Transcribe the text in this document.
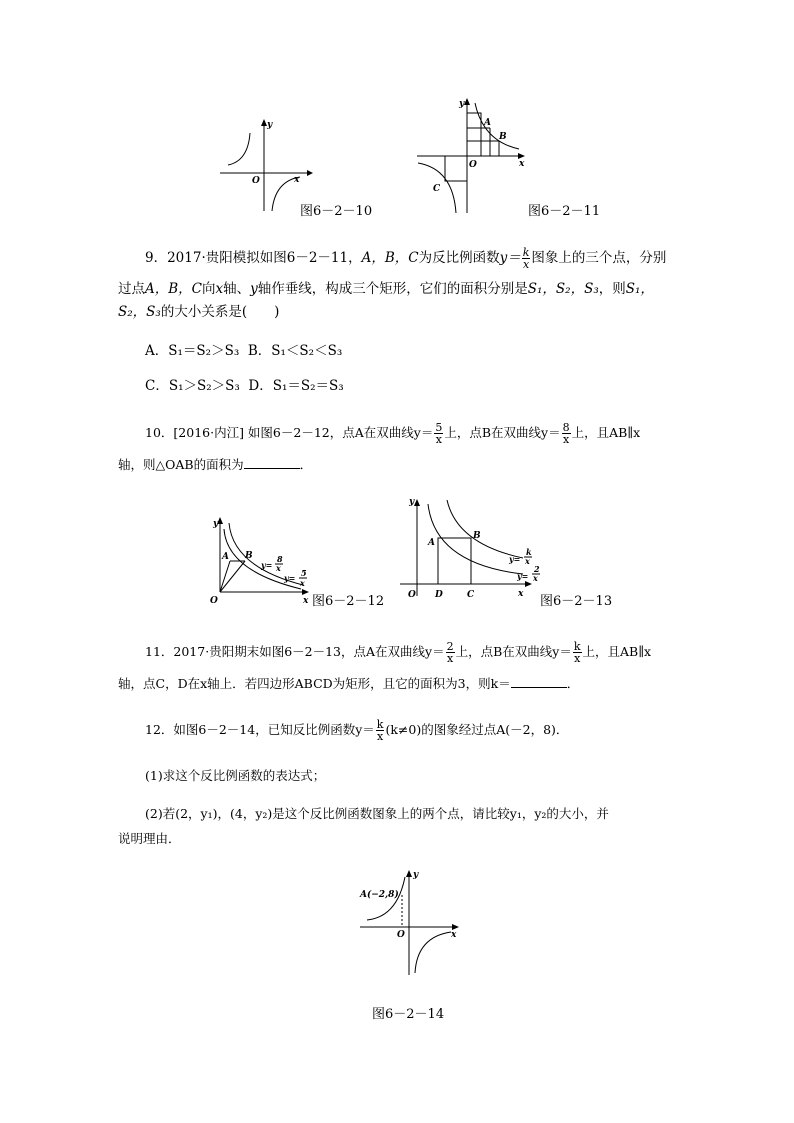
y
O	x
图6－2－10
y
A
B
O	x
C
图6－2－11
9．2017·贵阳模拟如图6－2－11，A，B，C为反比例函数$y= \frac{k}{x}$ 图象上的三个点，分别
过点A，B，C向x轴、y轴作垂线，构成三个矩形，它们的面积分别是S₁，S₂，S₃，则S₁，
S₂，S₃的大小关系是(　　)
A．S₁＝S₂＞S₃ B．S₁＜S₂＜S₃
C．S₁＞S₂＞S₃ D．S₁＝S₂＝S₃
10．[2016·内江] 如图6－2－12，点A在双曲线$y= \frac{5}{x}$ 上，点B在双曲线$y= \frac{8}{x}$ 上，且AB∥x
轴，则△OAB的面积为	．
y
A B
y=
8
x
y= 5
x
O	x 图6－2－12
y
A
B
y=
k
x
y=
2
x
O D	C	x 图6－2－13
11．2017·贵阳期末如图6－2－13，点A在双曲线$y= \frac{2}{x}$ 上，点B在双曲线$y= \frac{k}{x}$ 上，且AB∥x
轴，点C，D在x轴上．若四边形ABCD为矩形，且它的面积为3，则k＝	．
12．如图6－2－14，已知反比例函数$y= \frac{k}{x} (k\ne 0)$的图象经过点A(－2，8)．
(1)求这个反比例函数的表达式；
(2)若(2，y₁)，(4，y₂)是这个反比例函数图象上的两个点，请比较y₁，y₂的大小，并
说明理由．
y
A(−2,8)
O	x
图6－2－14
